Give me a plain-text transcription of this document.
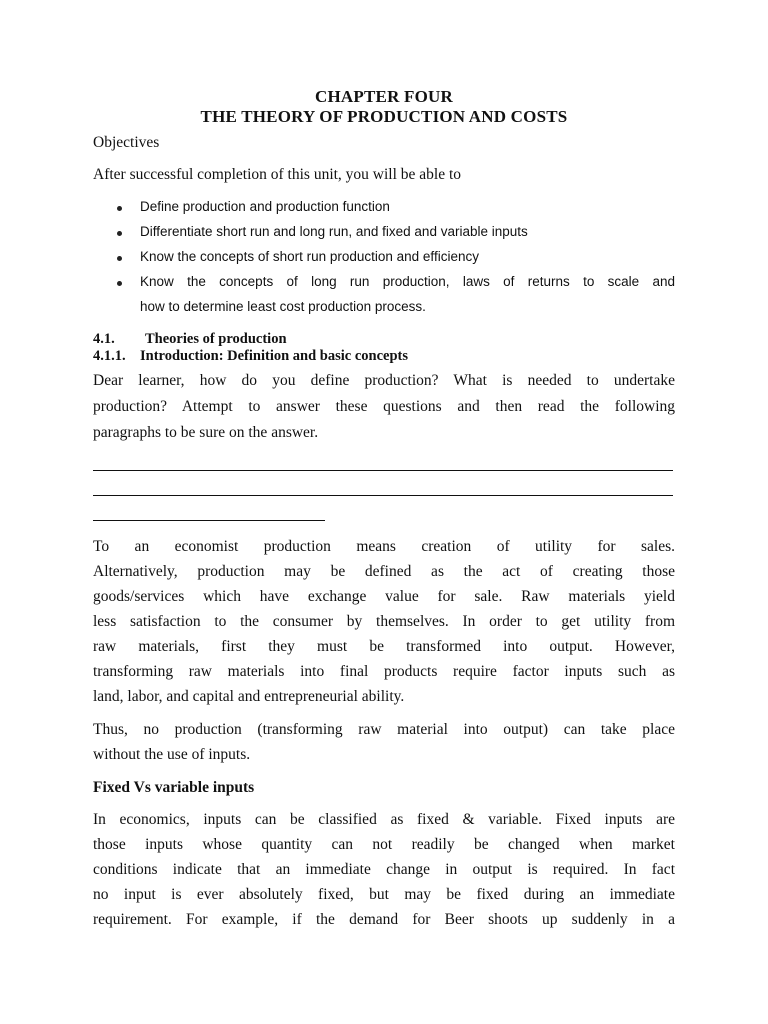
CHAPTER FOUR
THE THEORY OF PRODUCTION AND COSTS
Objectives
After successful completion of this unit, you will be able to
Define production and production function
Differentiate short run and long run, and fixed and variable inputs
Know the concepts of short run production and efficiency
Know the concepts of long run production, laws of returns to scale and
how to determine least cost production process.
4.1. Theories of production
4.1.1. Introduction: Definition and basic concepts
Dear learner, how do you define production? What is needed to undertake
production? Attempt to answer these questions and then read the following
paragraphs to be sure on the answer.
To an economist production means creation of utility for sales.
Alternatively, production may be defined as the act of creating those
goods/services which have exchange value for sale. Raw materials yield
less satisfaction to the consumer by themselves. In order to get utility from
raw materials, first they must be transformed into output. However,
transforming raw materials into final products require factor inputs such as
land, labor, and capital and entrepreneurial ability.
Thus, no production (transforming raw material into output) can take place
without the use of inputs.
Fixed Vs variable inputs
In economics, inputs can be classified as fixed & variable. Fixed inputs are
those inputs whose quantity can not readily be changed when market
conditions indicate that an immediate change in output is required. In fact
no input is ever absolutely fixed, but may be fixed during an immediate
requirement. For example, if the demand for Beer shoots up suddenly in a
